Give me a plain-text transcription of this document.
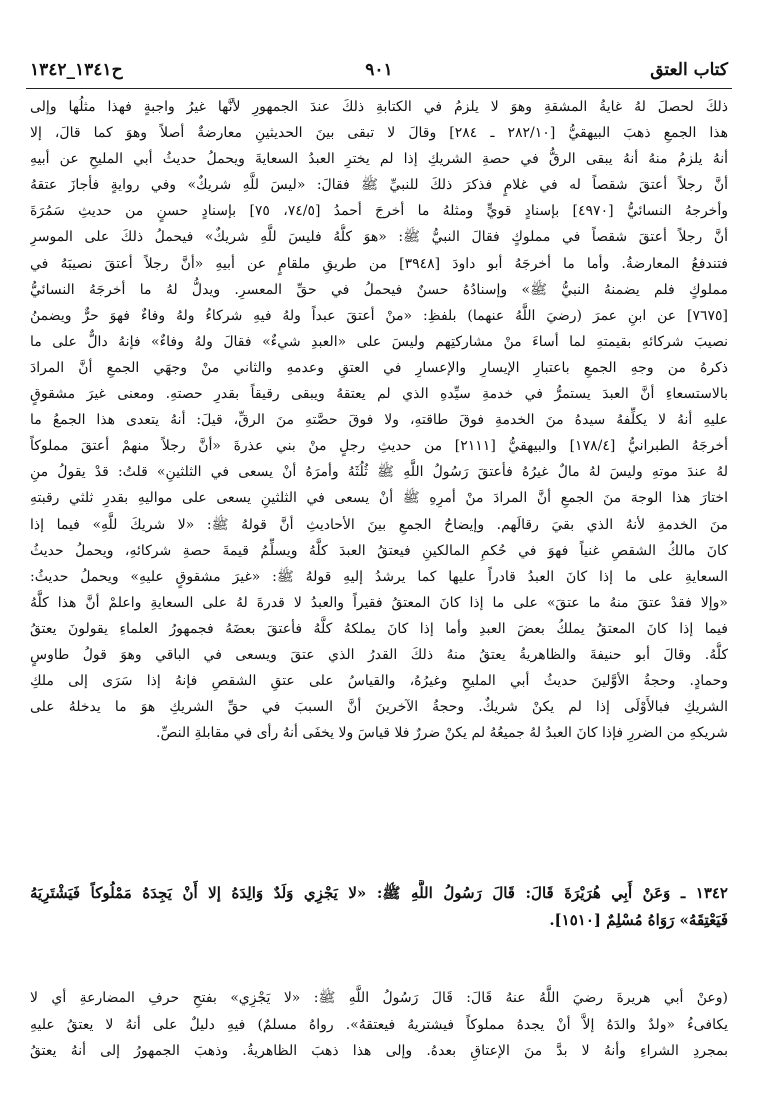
كتاب العتق
٩٠١
ح١٣٤١_١٣٤٢
ذلكَ لحصلَ لهُ غايةُ المشقةِ وهوَ لا يلزمُ في الكتابةِ ذلكَ عندَ الجمهورِ لأنَّها غيرُ واجبةٍ فهذا مثلُها وإلى
هذا الجمعِ ذهبَ البيهقيُّ [٢٨٢/١٠ ـ ٢٨٤] وقالَ لا تبقى بينَ الحديثينِ معارضةٌ أصلاً وهوَ كما قالَ، إلا
أنهُ يلزمُ منهُ أنهُ يبقى الرقُّ في حصةِ الشريكِ إذا لم يخترِ العبدُ السعايةَ ويحملُ حديثُ أبي المليحِ عن أبيهِ
أنَّ رجلاً أعتقَ شقصاً له في غلامٍ فذكرَ ذلكَ للنبيِّ ﷺ فقالَ: «ليسَ للَّهِ شريكٌ» وفي روايةٍ فأجازَ عتقهُ
وأخرجهُ النسائيُّ [٤٩٧٠] بإسنادٍ قويٍّ ومثلهُ ما أخرجَ أحمدُ [٧٤/٥، ٧٥] بإسنادٍ حسنٍ من حديثِ سَمُرَةَ
أنَّ رجلاً أعتقَ شقصاً في مملوكٍ فقالَ النبيُّ ﷺ: «هوَ كلُّهُ فليسَ للَّهِ شريكٌ» فيحملُ ذلكَ على الموسرِ
فتندفعُ المعارضةُ. وأما ما أخرجَهُ أبو داودَ [٣٩٤٨] من طريقِ ملقامٍ عن أبيهِ «أنَّ رجلاً أعتقَ نصيبَهُ في
مملوكٍ فلم يضمنهُ النبيُّ ﷺ» وإسنادُهُ حسنٌ فيحملُ في حقِّ المعسرِ. ويدلُّ لهُ ما أخرجَهُ النسائيُّ
[٧٦٧٥] عن ابنِ عمرَ (رضيَ اللَّهُ عنهما) بلفظِ: «منْ أعتقَ عبداً ولهُ فيهِ شركاءُ ولهُ وفاءٌ فهوَ حرٌّ ويضمنُ
نصيبَ شركائهِ بقيمتهِ لما أساءَ منْ مشاركتِهم وليسَ على «العبدِ شيءٌ» فقالَ ولهُ وفاءٌ» فإنهُ دالٌّ على ما
ذكرهُ من وجهِ الجمعِ باعتبارِ الإيسارِ والإعسارِ في العتقِ وعدمهِ والثاني منْ وجهَي الجمعِ أنَّ المرادَ
بالاستسعاءِ أنَّ العبدَ يستمرُّ في خدمةِ سيِّدهِ الذي لم يعتقهُ ويبقى رقيقاً بقدرِ حصتهِ. ومعنى غيرَ مشقوقٍ
عليهِ أنهُ لا يكلِّفهُ سيدهُ منَ الخدمةِ فوقَ طاقتهِ، ولا فوقَ حصَّتهِ منَ الرقِّ، قيلَ: أنهُ يتعدى هذا الجمعُ ما
أخرجَهُ الطبرانيُّ [١٧٨/٤] والبيهقيُّ [٢١١١] من حديثِ رجلٍ منْ بني عذرةَ «أنَّ رجلاً منهمْ أعتقَ مملوكاً
لهُ عندَ موتهِ وليسَ لهُ مالٌ غيرُهُ فأعتقَ رَسُولُ اللَّهِ ﷺ ثُلُثَهُ وأمرَهُ أنْ يسعى في الثلثينِ» قلتُ: قدْ يقولُ منِ
اختارَ هذا الوجهَ منَ الجمعِ أنَّ المرادَ منْ أمرِهِ ﷺ أنْ يسعى في الثلثينِ يسعى على مواليهِ بقدرِ ثلثي رقبتهِ
منَ الخدمةِ لأنهُ الذي بقيَ رقالَهم. وإيضاحُ الجمعِ بينَ الأحاديثِ أنَّ قولهُ ﷺ: «لا شريكَ للَّهِ» فيما إذا
كانَ مالكُ الشقصِ غنياً فهوَ في حُكمِ المالكينِ فيعتقُ العبدَ كلَّهُ ويسلِّمُ قيمةَ حصةِ شركائهِ، ويحملُ حديثُ
السعايةِ على ما إذا كانَ العبدُ قادراً عليها كما يرشدُ إليهِ قولهُ ﷺ: «غيرَ مشقوقٍ عليهِ» ويحملُ حديثُ:
«وإلا فقدْ عتقَ منهُ ما عتقَ» على ما إذا كانَ المعتقُ فقيراً والعبدُ لا قدرةَ لهُ على السعايةِ واعلمْ أنَّ هذا كلَّهُ
فيما إذا كانَ المعتقُ يملكُ بعضَ العبدِ وأما إذا كانَ يملكهُ كلَّهُ فأعتقَ بعضَهُ فجمهورُ العلماءِ يقولونَ يعتقُ
كلُّهُ. وقالَ أبو حنيفةَ والظاهريةُ يعتقُ منهُ ذلكَ القدرُ الذي عتقَ ويسعى في الباقي وهوَ قولُ طاوسٍ
وحمادٍ. وحجةُ الأوَّلينَ حديثُ أبي المليحِ وغيرُهُ، والقياسُ على عتقِ الشقصِ فإنهُ إذا سَرَى إلى ملكِ
الشريكِ فبالأَوْلَى إذا لم يكنْ شريكٌ. وحجةُ الآخرينَ أنَّ السببَ في حقِّ الشريكِ هوَ ما يدخلهُ على
شريكهِ من الضررِ فإذا كانَ العبدُ لهُ جميعُهُ لم يكنْ ضررٌ فلا قياسَ ولا يخفَى أنهُ رأى في مقابلةِ النصِّ.
١٣٤٢ ـ وَعَنْ أَبِي هُرَيْرَةَ قَالَ: قَالَ رَسُولُ اللَّهِ ﷺ: «لا يَجْزِي وَلَدٌ وَالِدَهُ إلا أَنْ يَجِدَهُ مَمْلُوكاً فَيَشْتَرِيَهُ
فَيَعْتِقَهُ» رَوَاهُ مُسْلِمٌ [١٥١٠].
(وعنْ أبي هريرةَ رضيَ اللَّهُ عنهُ قَالَ: قَالَ رَسُولُ اللَّهِ ﷺ: «لا يَجْزِي» بفتحِ حرفِ المضارعةِ أي لا
يكافىءُ «ولدٌ والدَهُ إلاَّ أنْ يجدهُ مملوكاً فيشتريهُ فيعتقهُ». رواهُ مسلمٌ) فيهِ دليلٌ على أنهُ لا يعتقُ عليهِ
بمجردِ الشراءِ وأنهُ لا بدَّ منَ الإعتاقِ بعدهُ. وإلى هذا ذهبَ الظاهريةُ. وذهبَ الجمهورُ إلى أنهُ يعتقُ
